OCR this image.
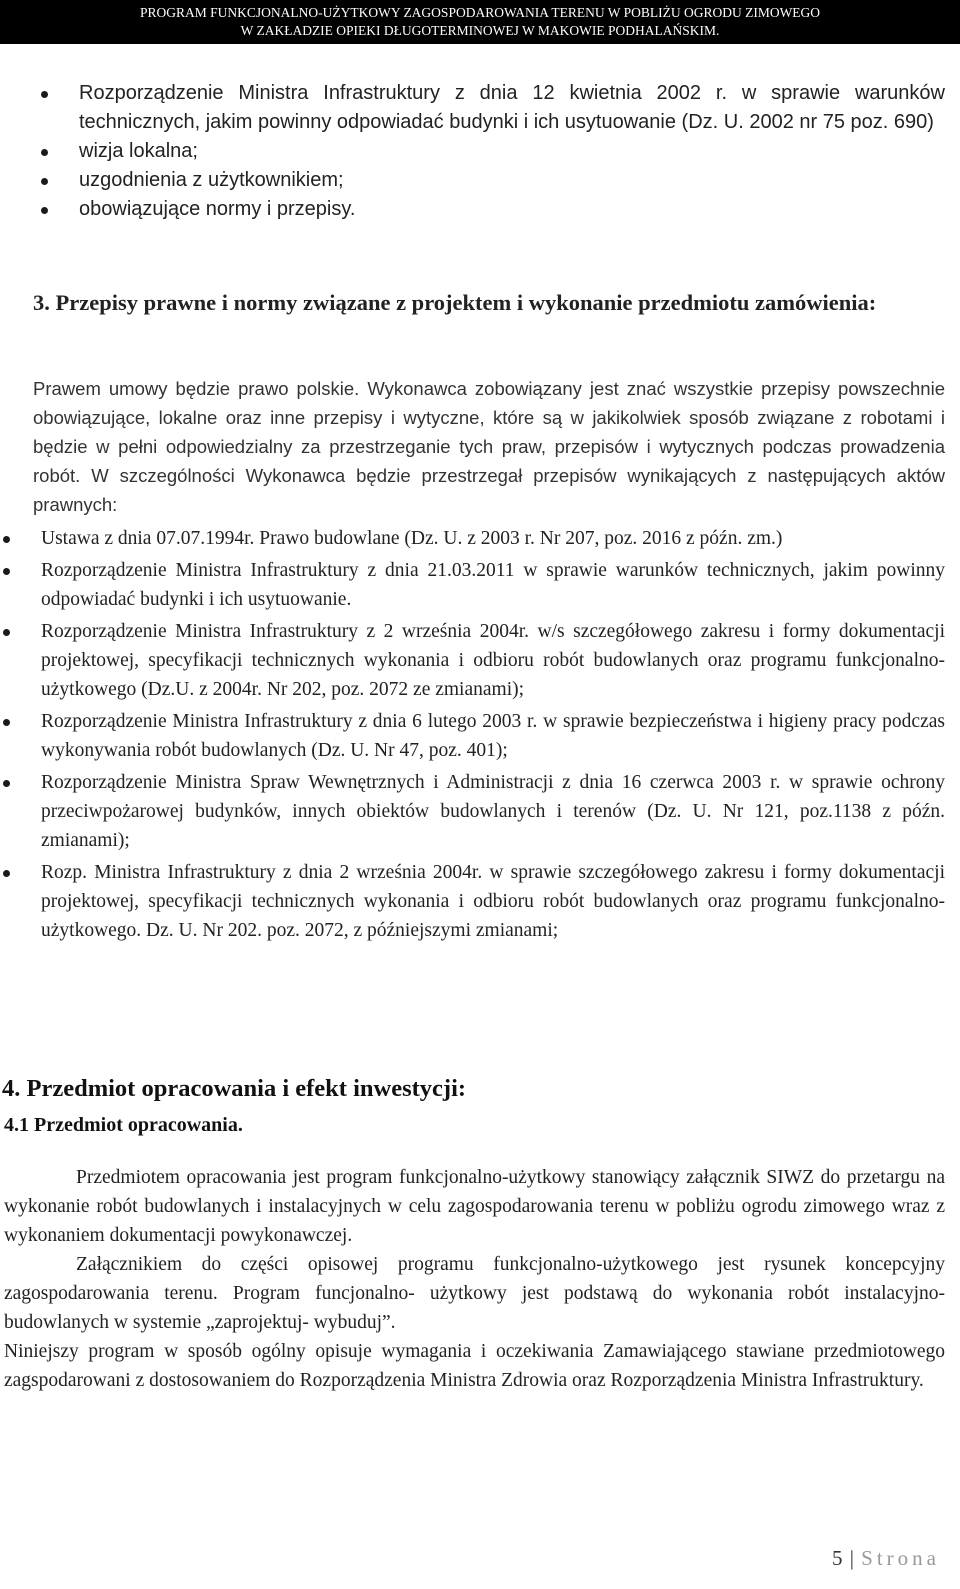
PROGRAM FUNKCJONALNO-UŻYTKOWY ZAGOSPODAROWANIA TERENU W POBLIŻU OGRODU ZIMOWEGO
W ZAKŁADZIE OPIEKI DŁUGOTERMINOWEJ W MAKOWIE PODHALAŃSKIM.
Rozporządzenie Ministra Infrastruktury z dnia 12 kwietnia 2002 r. w sprawie warunków technicznych, jakim powinny odpowiadać budynki i ich usytuowanie (Dz. U. 2002 nr 75 poz. 690)
wizja lokalna;
uzgodnienia z użytkownikiem;
obowiązujące normy i przepisy.
3. Przepisy prawne i normy związane z projektem i wykonanie przedmiotu zamówienia:
Prawem umowy będzie prawo polskie. Wykonawca zobowiązany jest znać wszystkie przepisy powszechnie obowiązujące, lokalne oraz inne przepisy i wytyczne, które są w jakikolwiek sposób związane z robotami i będzie w pełni odpowiedzialny za przestrzeganie tych praw, przepisów i wytycznych podczas prowadzenia robót. W szczególności Wykonawca będzie przestrzegał przepisów wynikających z następujących aktów prawnych:
Ustawa z dnia 07.07.1994r. Prawo budowlane (Dz. U. z 2003 r. Nr 207, poz. 2016 z późn. zm.)
Rozporządzenie Ministra Infrastruktury z dnia 21.03.2011 w sprawie warunków technicznych, jakim powinny odpowiadać budynki i ich usytuowanie.
Rozporządzenie Ministra Infrastruktury z 2 września 2004r. w/s szczegółowego zakresu i formy dokumentacji projektowej, specyfikacji technicznych wykonania i odbioru robót budowlanych oraz programu funkcjonalno-użytkowego (Dz.U. z 2004r. Nr 202, poz. 2072 ze zmianami);
Rozporządzenie Ministra Infrastruktury z dnia 6 lutego 2003 r. w sprawie bezpieczeństwa i higieny pracy podczas wykonywania robót budowlanych (Dz. U. Nr 47, poz. 401);
Rozporządzenie Ministra Spraw Wewnętrznych i Administracji z dnia 16 czerwca 2003 r. w sprawie ochrony przeciwpożarowej budynków, innych obiektów budowlanych i terenów (Dz. U. Nr 121, poz.1138 z późn. zmianami);
Rozp. Ministra Infrastruktury z dnia 2 września 2004r. w sprawie szczegółowego zakresu i formy dokumentacji projektowej, specyfikacji technicznych wykonania i odbioru robót budowlanych oraz programu funkcjonalno-użytkowego. Dz. U. Nr 202. poz. 2072, z późniejszymi zmianami;
4. Przedmiot opracowania i efekt inwestycji:
4.1 Przedmiot opracowania.

Przedmiotem opracowania jest program funkcjonalno-użytkowy stanowiący załącznik SIWZ do przetargu na wykonanie robót budowlanych i instalacyjnych w celu zagospodarowania terenu w pobliżu ogrodu zimowego wraz z wykonaniem dokumentacji powykonawczej.

Załącznikiem do części opisowej programu funkcjonalno-użytkowego jest rysunek koncepcyjny zagospodarowania terenu. Program funcjonalno- użytkowy jest podstawą do wykonania robót instalacyjno- budowlanych w systemie „zaprojektuj- wybuduj”.

Niniejszy program w sposób ogólny opisuje wymagania i oczekiwania Zamawiającego stawiane przedmiotowego zagspodarowani z dostosowaniem do Rozporządzenia Ministra Zdrowia oraz Rozporządzenia Ministra Infrastruktury.

5 | Strona
